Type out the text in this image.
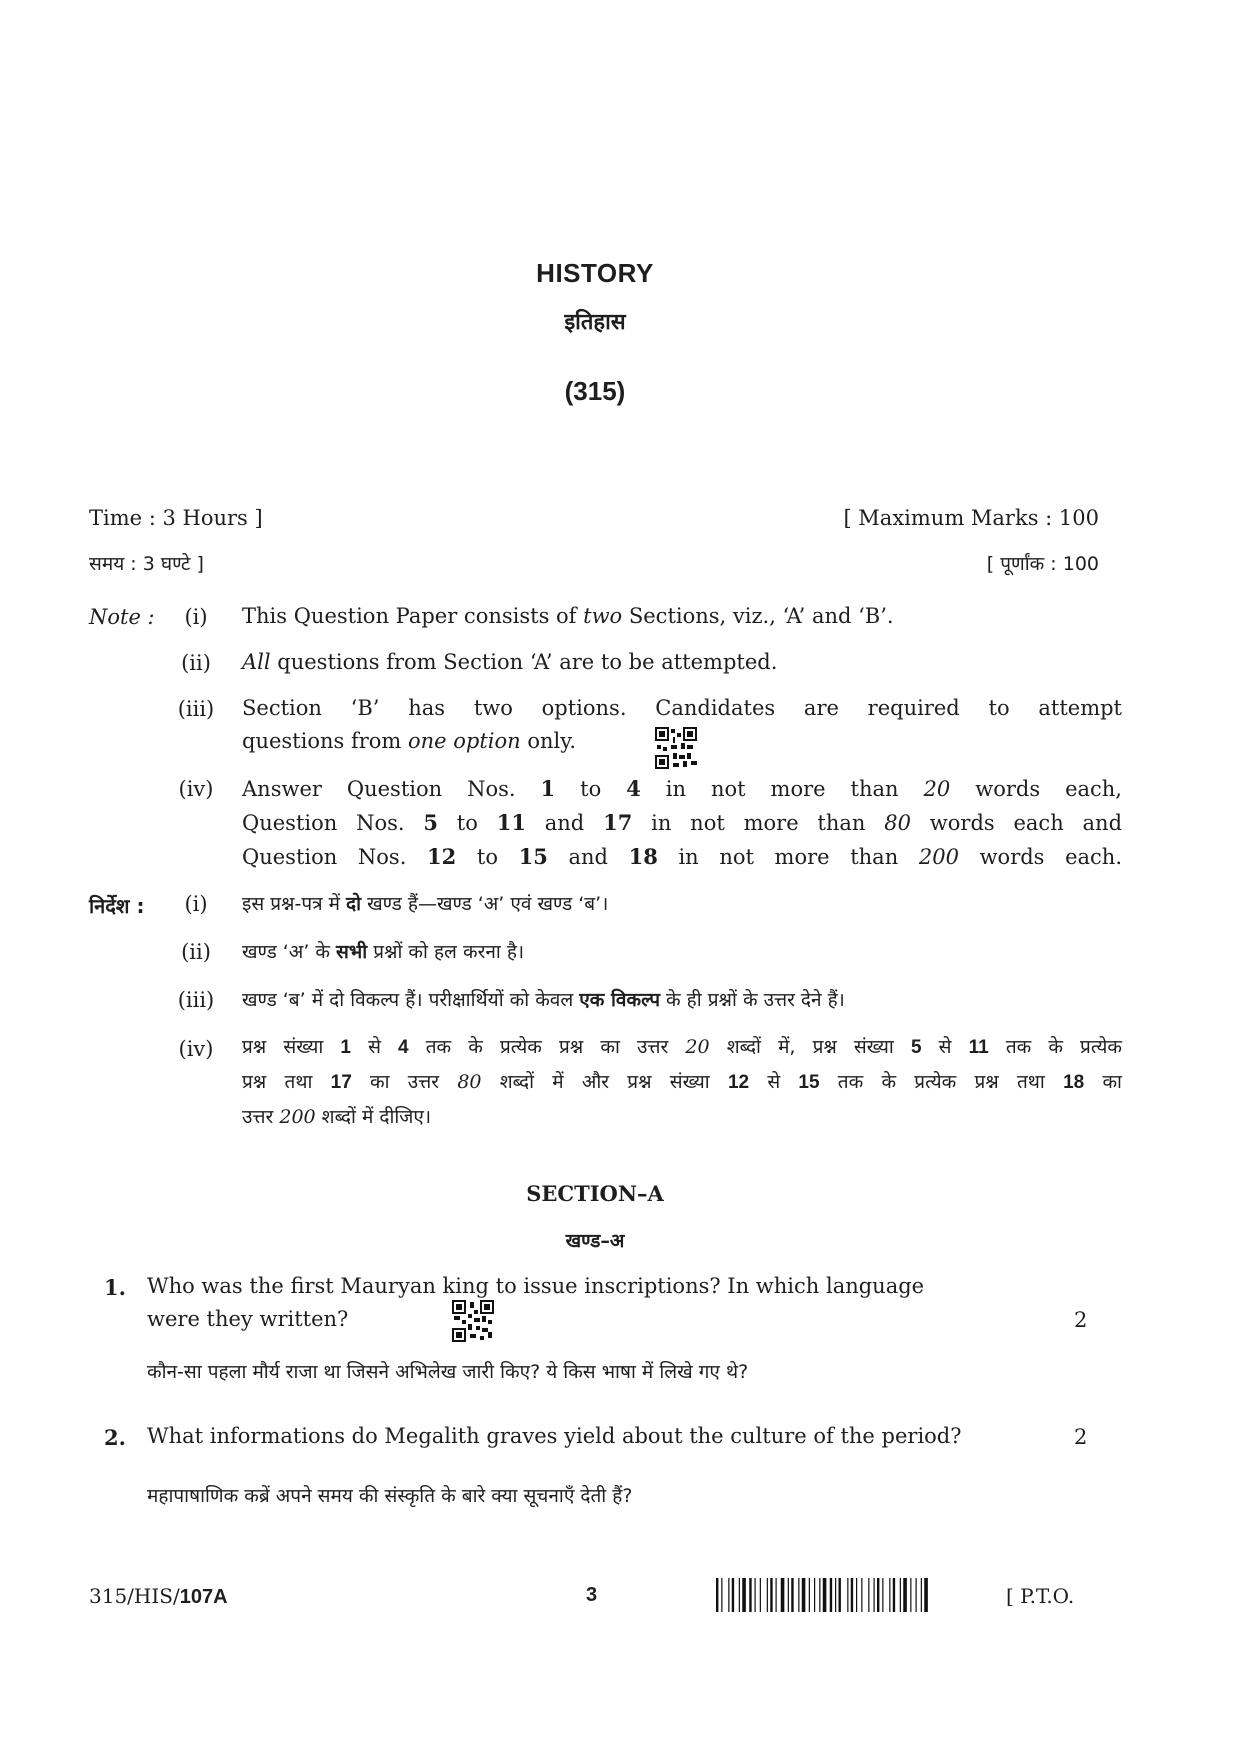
HISTORY
इतिहास
(315)
Time : 3 Hours ]	[ Maximum Marks : 100
समय : 3 घण्टे ]	[ पूर्णांक : 100
Note :	(i)	This Question Paper consists of two Sections, viz., ‘A’ and ‘B’.
(ii)	All questions from Section ‘A’ are to be attempted.
(iii)	Section ‘B’ has two options. Candidates are required to attempt
questions from one option only.
(iv)	Answer Question Nos. 1 to 4 in not more than 20 words each,
Question Nos. 5 to 11 and 17 in not more than 80 words each and
Question Nos. 12 to 15 and 18 in not more than 200 words each.
निर्देश :	(i)	इस प्रश्न-पत्र में दो खण्ड हैं—खण्ड ‘अ’ एवं खण्ड ‘ब’।
(ii)	खण्ड ‘अ’ के सभी प्रश्नों को हल करना है।
(iii)	खण्ड ‘ब’ में दो विकल्प हैं। परीक्षार्थियों को केवल एक विकल्प के ही प्रश्नों के उत्तर देने हैं।
(iv)	प्रश्न संख्या 1 से 4 तक के प्रत्येक प्रश्न का उत्तर 20 शब्दों में, प्रश्न संख्या 5 से 11 तक के प्रत्येक
प्रश्न तथा 17 का उत्तर 80 शब्दों में और प्रश्न संख्या 12 से 15 तक के प्रत्येक प्रश्न तथा 18 का
उत्तर 200 शब्दों में दीजिए।
SECTION–A
खण्ड–अ
1. Who was the first Mauryan king to issue inscriptions? In which language
were they written?	2
कौन-सा पहला मौर्य राजा था जिसने अभिलेख जारी किए? ये किस भाषा में लिखे गए थे?
2. What informations do Megalith graves yield about the culture of the period?	2
महापाषाणिक कब्रें अपने समय की संस्कृति के बारे क्या सूचनाएँ देती हैं?
315/HIS/107A	3	[ P.T.O.
